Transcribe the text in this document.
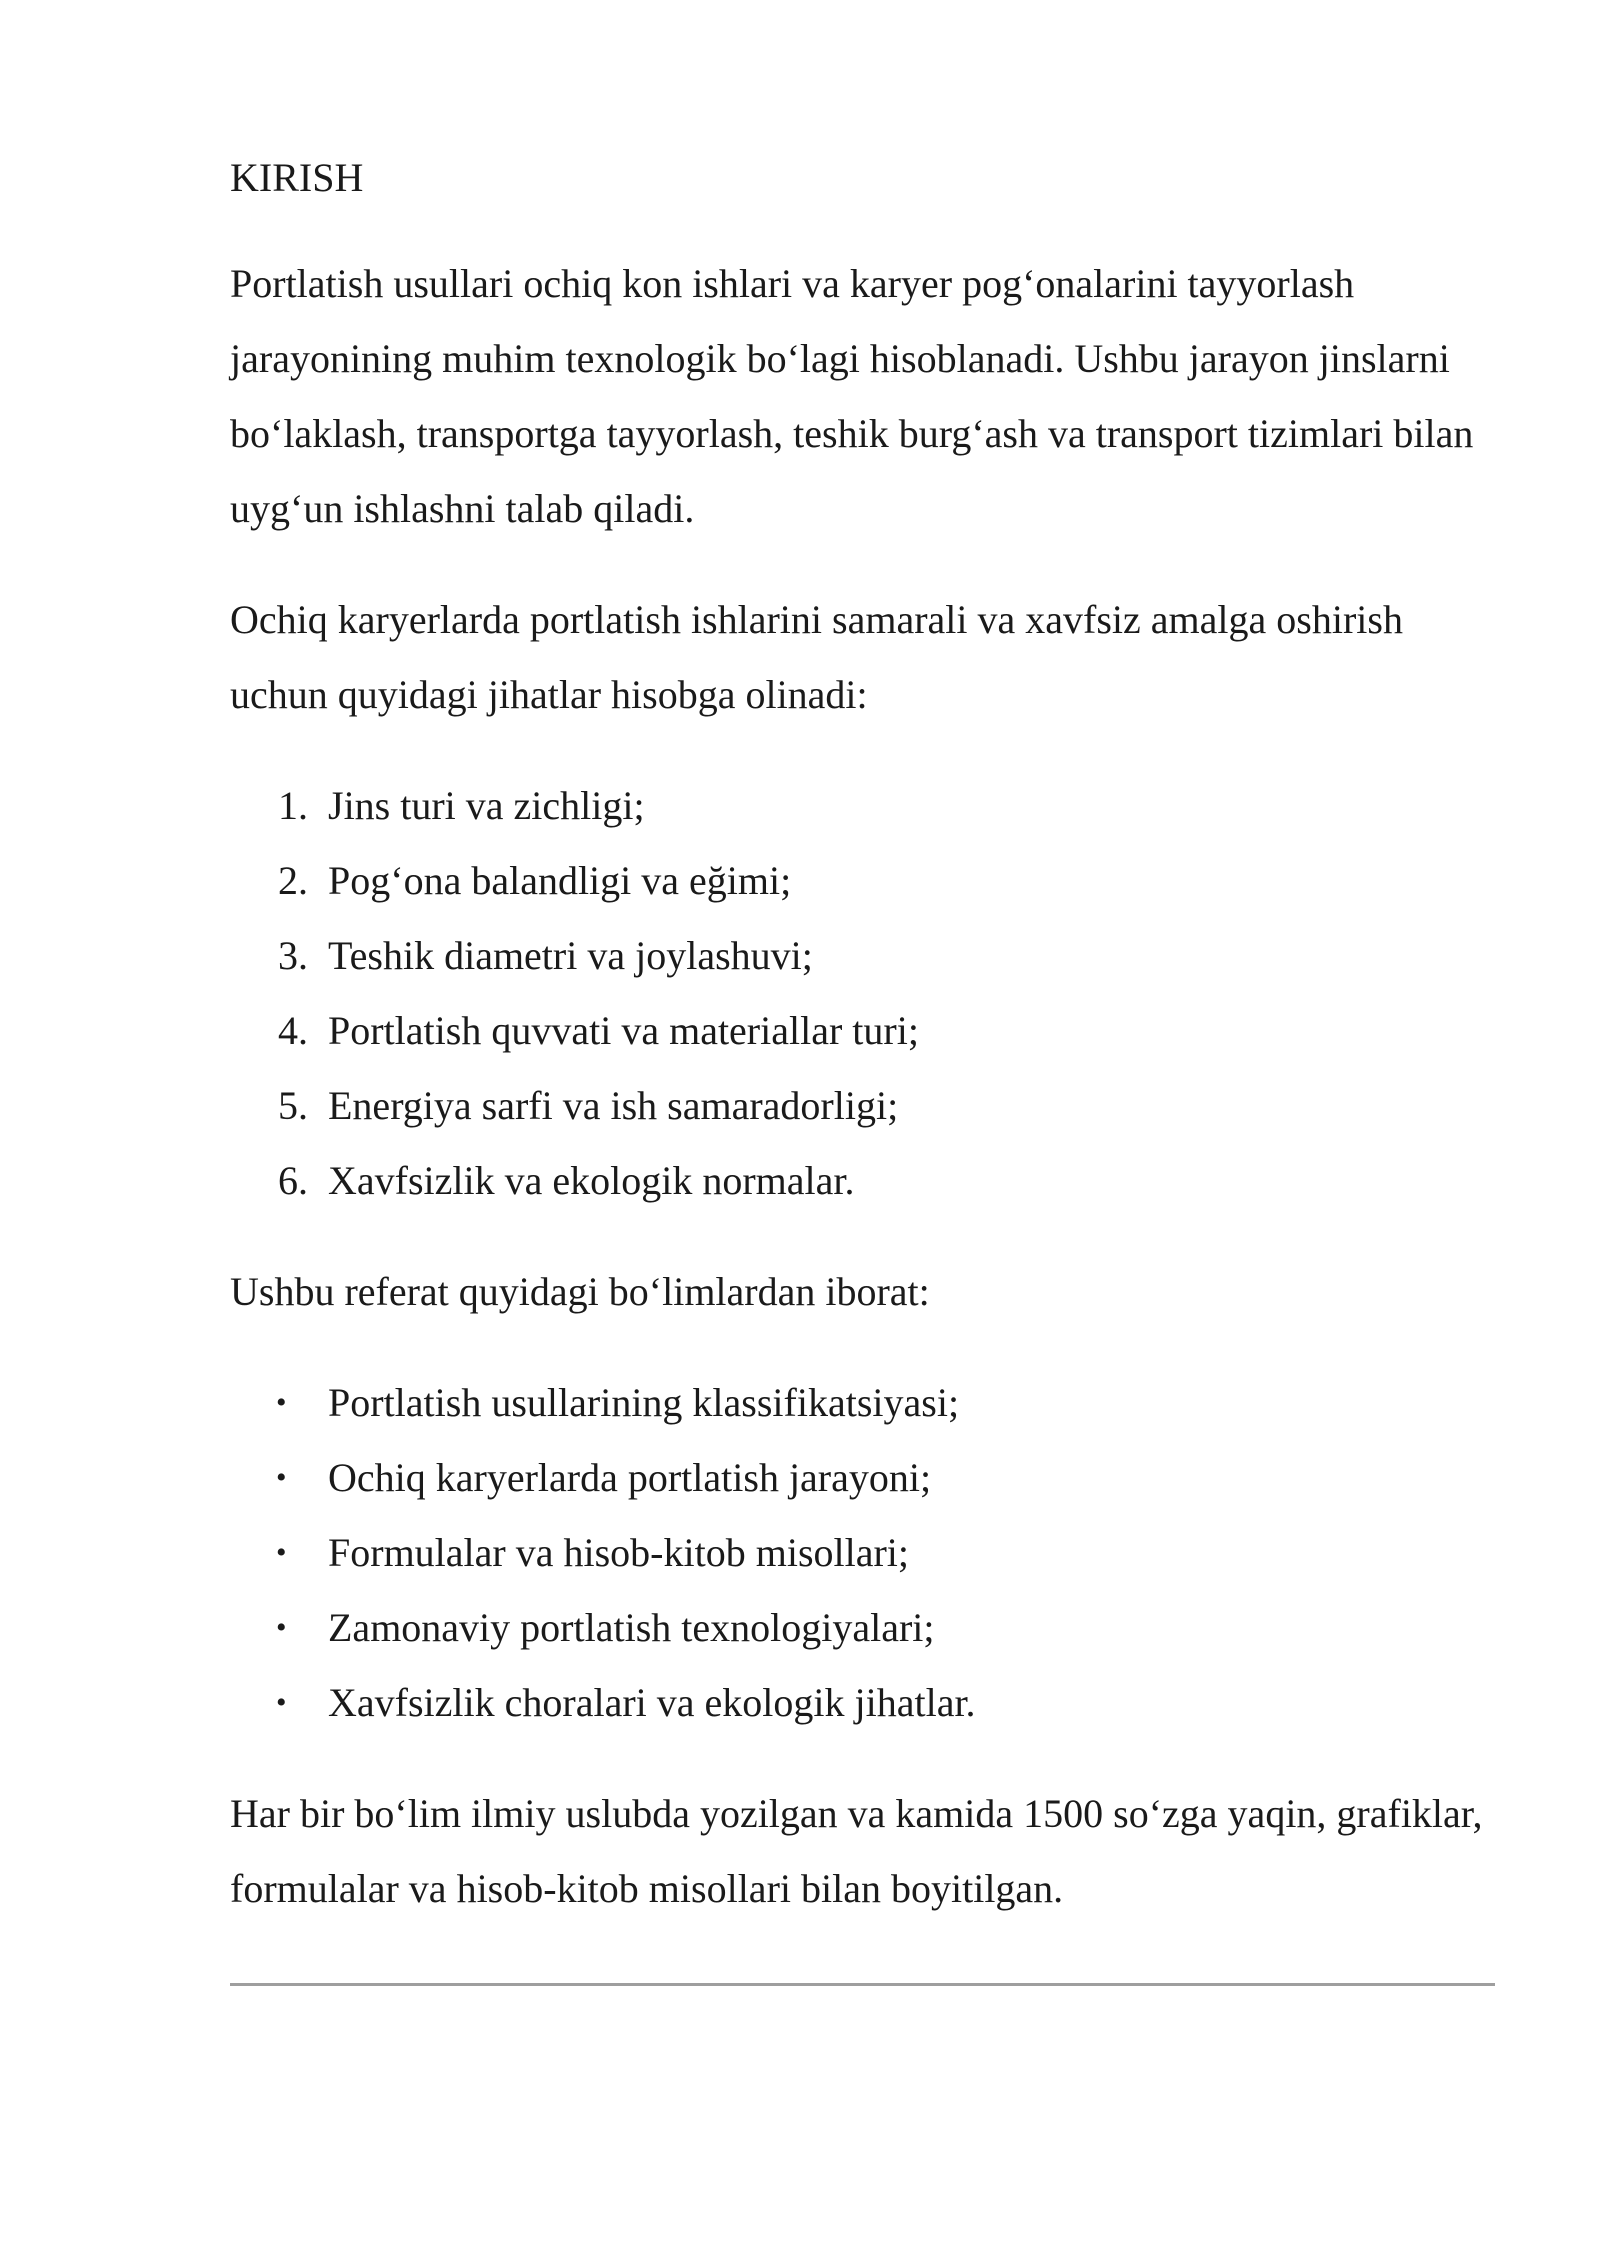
KIRISH

Portlatish usullari ochiq kon ishlari va karyer pog‘onalarini tayyorlash jarayonining muhim texnologik bo‘lagi hisoblanadi. Ushbu jarayon jinslarni bo‘laklash, transportga tayyorlash, teshik burg‘ash va transport tizimlari bilan uyg‘un ishlashni talab qiladi.

Ochiq karyerlarda portlatish ishlarini samarali va xavfsiz amalga oshirish uchun quyidagi jihatlar hisobga olinadi:

1. Jins turi va zichligi;
2. Pog‘ona balandligi va eğimi;
3. Teshik diametri va joylashuvi;
4. Portlatish quvvati va materiallar turi;
5. Energiya sarfi va ish samaradorligi;
6. Xavfsizlik va ekologik normalar.

Ushbu referat quyidagi bo‘limlardan iborat:

• Portlatish usullarining klassifikatsiyasi;
• Ochiq karyerlarda portlatish jarayoni;
• Formulalar va hisob-kitob misollari;
• Zamonaviy portlatish texnologiyalari;
• Xavfsizlik choralari va ekologik jihatlar.

Har bir bo‘lim ilmiy uslubda yozilgan va kamida 1500 so‘zga yaqin, grafiklar, formulalar va hisob-kitob misollari bilan boyitilgan.
